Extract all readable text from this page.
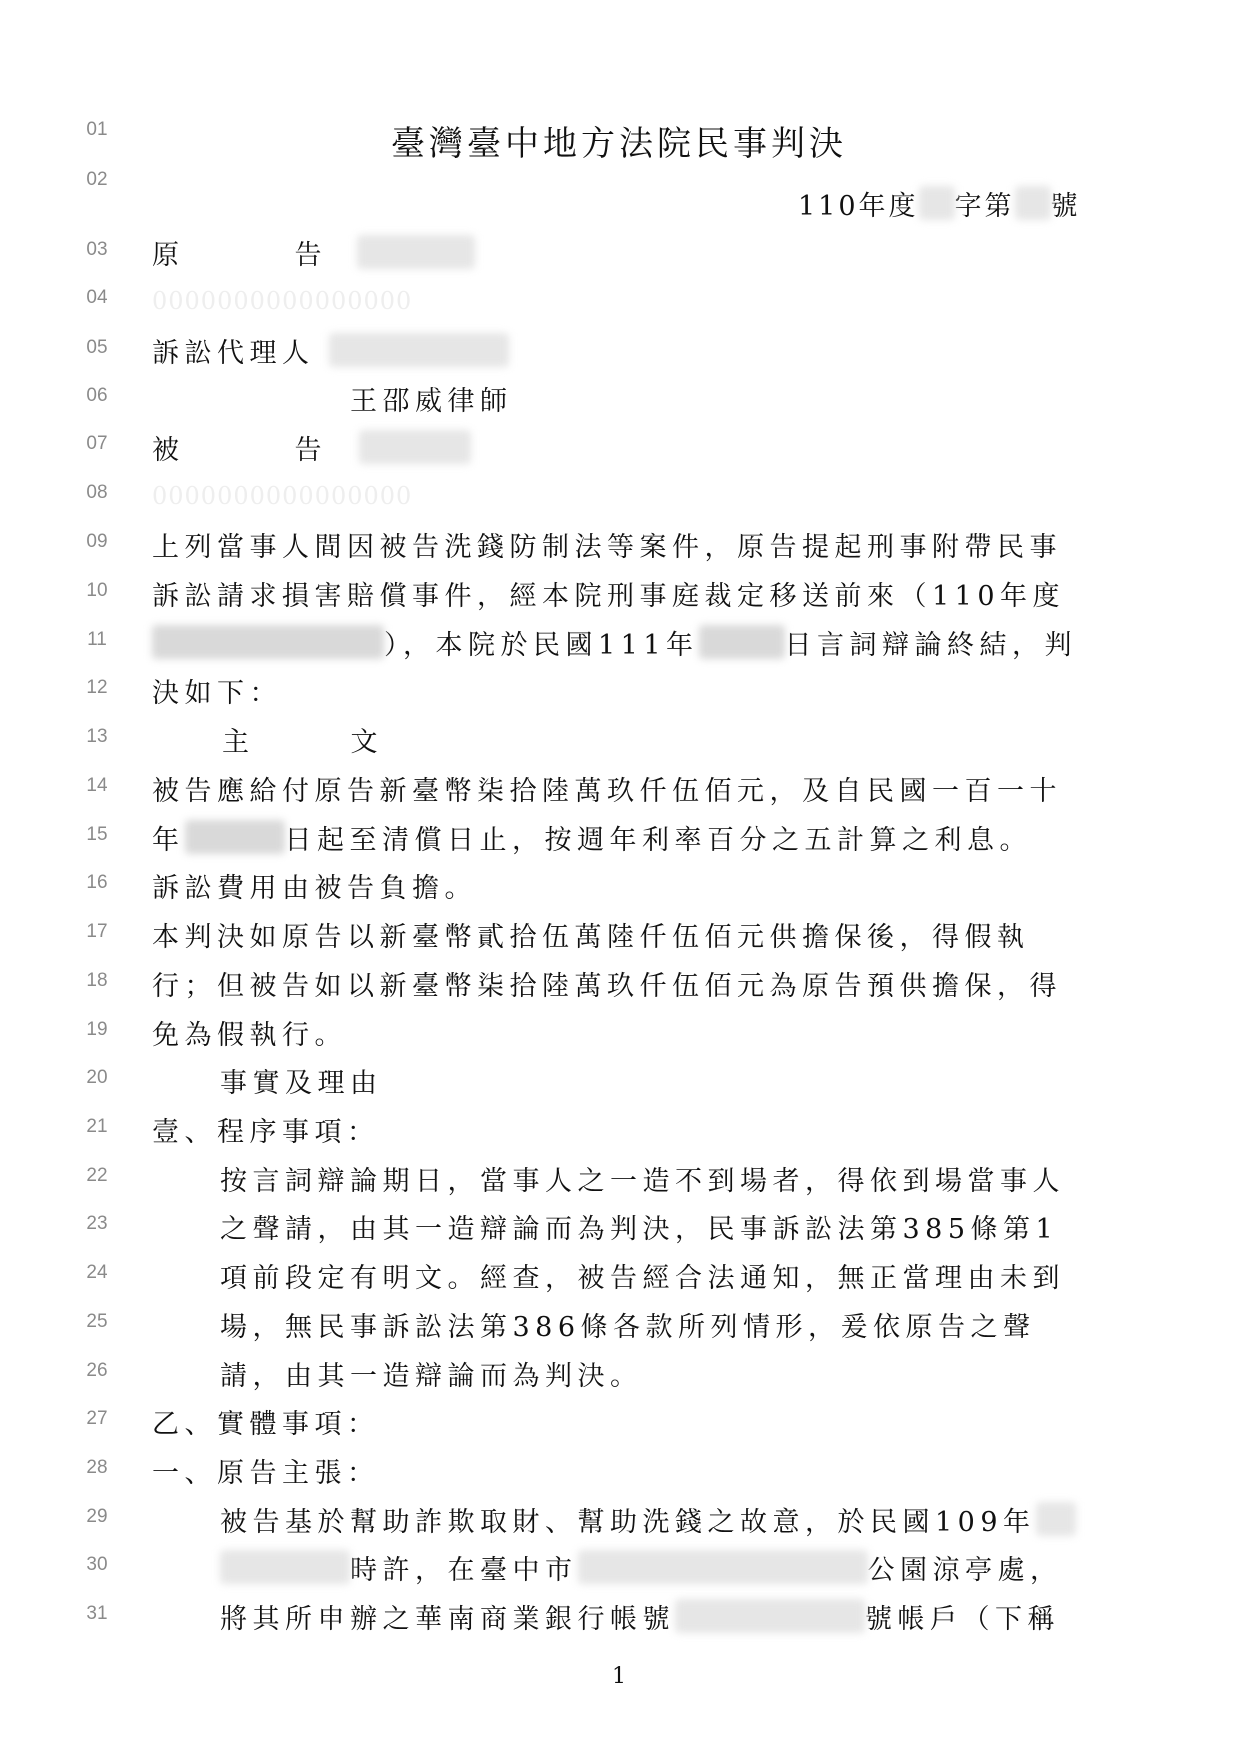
臺灣臺中地方法院民事判決
01
02
03
04
05
06
07
08
09
10
11
12
13
14
15
16
17
18
19
20
21
22
23
24
25
26
27
28
29
30
31
110年度 字第 號
原	告
0000000000000000
訴訟代理人
王邵威律師
被	告
0000000000000000
上列當事人間因被告洗錢防制法等案件，原告提起刑事附帶民事
訴訟請求損害賠償事件，經本院刑事庭裁定移送前來（110年度
），本院於民國111年	日言詞辯論終結，判
決如下：
主	文
被告應給付原告新臺幣柒拾陸萬玖仟伍佰元，及自民國一百一十
年	日起至清償日止，按週年利率百分之五計算之利息。
訴訟費用由被告負擔。
本判決如原告以新臺幣貳拾伍萬陸仟伍佰元供擔保後，得假執
行；但被告如以新臺幣柒拾陸萬玖仟伍佰元為原告預供擔保，得
免為假執行。
事實及理由
壹、程序事項：
按言詞辯論期日，當事人之一造不到場者，得依到場當事人
之聲請，由其一造辯論而為判決，民事訴訟法第385條第1
項前段定有明文。經查，被告經合法通知，無正當理由未到
場，無民事訴訟法第386條各款所列情形，爰依原告之聲
請，由其一造辯論而為判決。
乙、實體事項：
一、原告主張：
被告基於幫助詐欺取財、幫助洗錢之故意，於民國109年
時許，在臺中市	公園涼亭處，
將其所申辦之華南商業銀行帳號	號帳戶（下稱
1
